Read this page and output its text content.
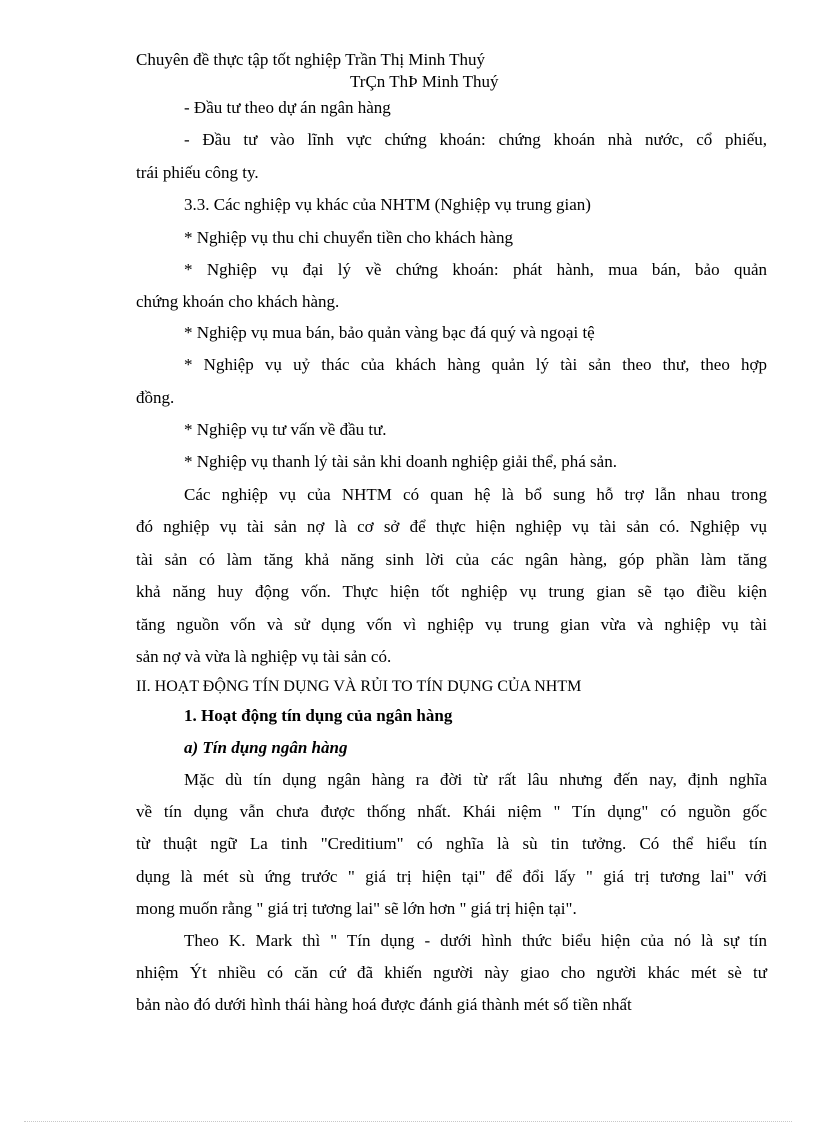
Chuyên đề thực tập tốt nghiệp Trần Thị Minh Thuý
TrÇn ThÞ Minh Thuý
- Đầu tư theo dự án ngân hàng
- Đầu tư vào lĩnh vực chứng khoán: chứng khoán nhà nước, cổ phiếu,
trái phiếu công ty.
3.3. Các nghiệp vụ khác của NHTM (Nghiệp vụ trung gian)
* Nghiệp vụ thu chi chuyển tiền cho khách hàng
* Nghiệp vụ đại lý về chứng khoán: phát hành, mua bán, bảo quản
chứng khoán cho khách hàng.
* Nghiệp vụ mua bán, bảo quản vàng bạc đá quý và ngoại tệ
* Nghiệp vụ uỷ thác của khách hàng quản lý tài sản theo thư, theo hợp
đồng.
* Nghiệp vụ tư vấn về đầu tư.
* Nghiệp vụ thanh lý tài sản khi doanh nghiệp giải thể, phá sản.
Các nghiệp vụ của NHTM có quan hệ là bổ sung hỗ trợ lẫn nhau trong
đó nghiệp vụ tài sản nợ là cơ sở để thực hiện nghiệp vụ tài sản có. Nghiệp vụ
tài sản có làm tăng khả năng sinh lời của các ngân hàng, góp phần làm tăng
khả năng huy động vốn. Thực hiện tốt nghiệp vụ trung gian sẽ tạo điều kiện
tăng nguồn vốn và sử dụng vốn vì nghiệp vụ trung gian vừa và nghiệp vụ tài
sản nợ và vừa là nghiệp vụ tài sản có.
II. HOẠT ĐỘNG TÍN DỤNG VÀ RỦI TO TÍN DỤNG CỦA NHTM
1. Hoạt động tín dụng của ngân hàng
a) Tín dụng ngân hàng
Mặc dù tín dụng ngân hàng ra đời từ rất lâu nhưng đến nay, định nghĩa
về tín dụng vẫn chưa được thống nhất. Khái niệm " Tín dụng" có nguồn gốc
từ thuật ngữ La tinh "Creditium" có nghĩa là sù tin tưởng. Có thể hiểu tín
dụng là mét sù ứng trước " giá trị hiện tại" để đổi lấy " giá trị tương lai" với
mong muốn rằng " giá trị tương lai" sẽ lớn hơn " giá trị hiện tại".
Theo K. Mark thì " Tín dụng - dưới hình thức biểu hiện của nó là sự tín
nhiệm Ýt nhiều có căn cứ đã khiến người này giao cho người khác mét sè tư
bản nào đó dưới hình thái hàng hoá được đánh giá thành mét số tiền nhất
